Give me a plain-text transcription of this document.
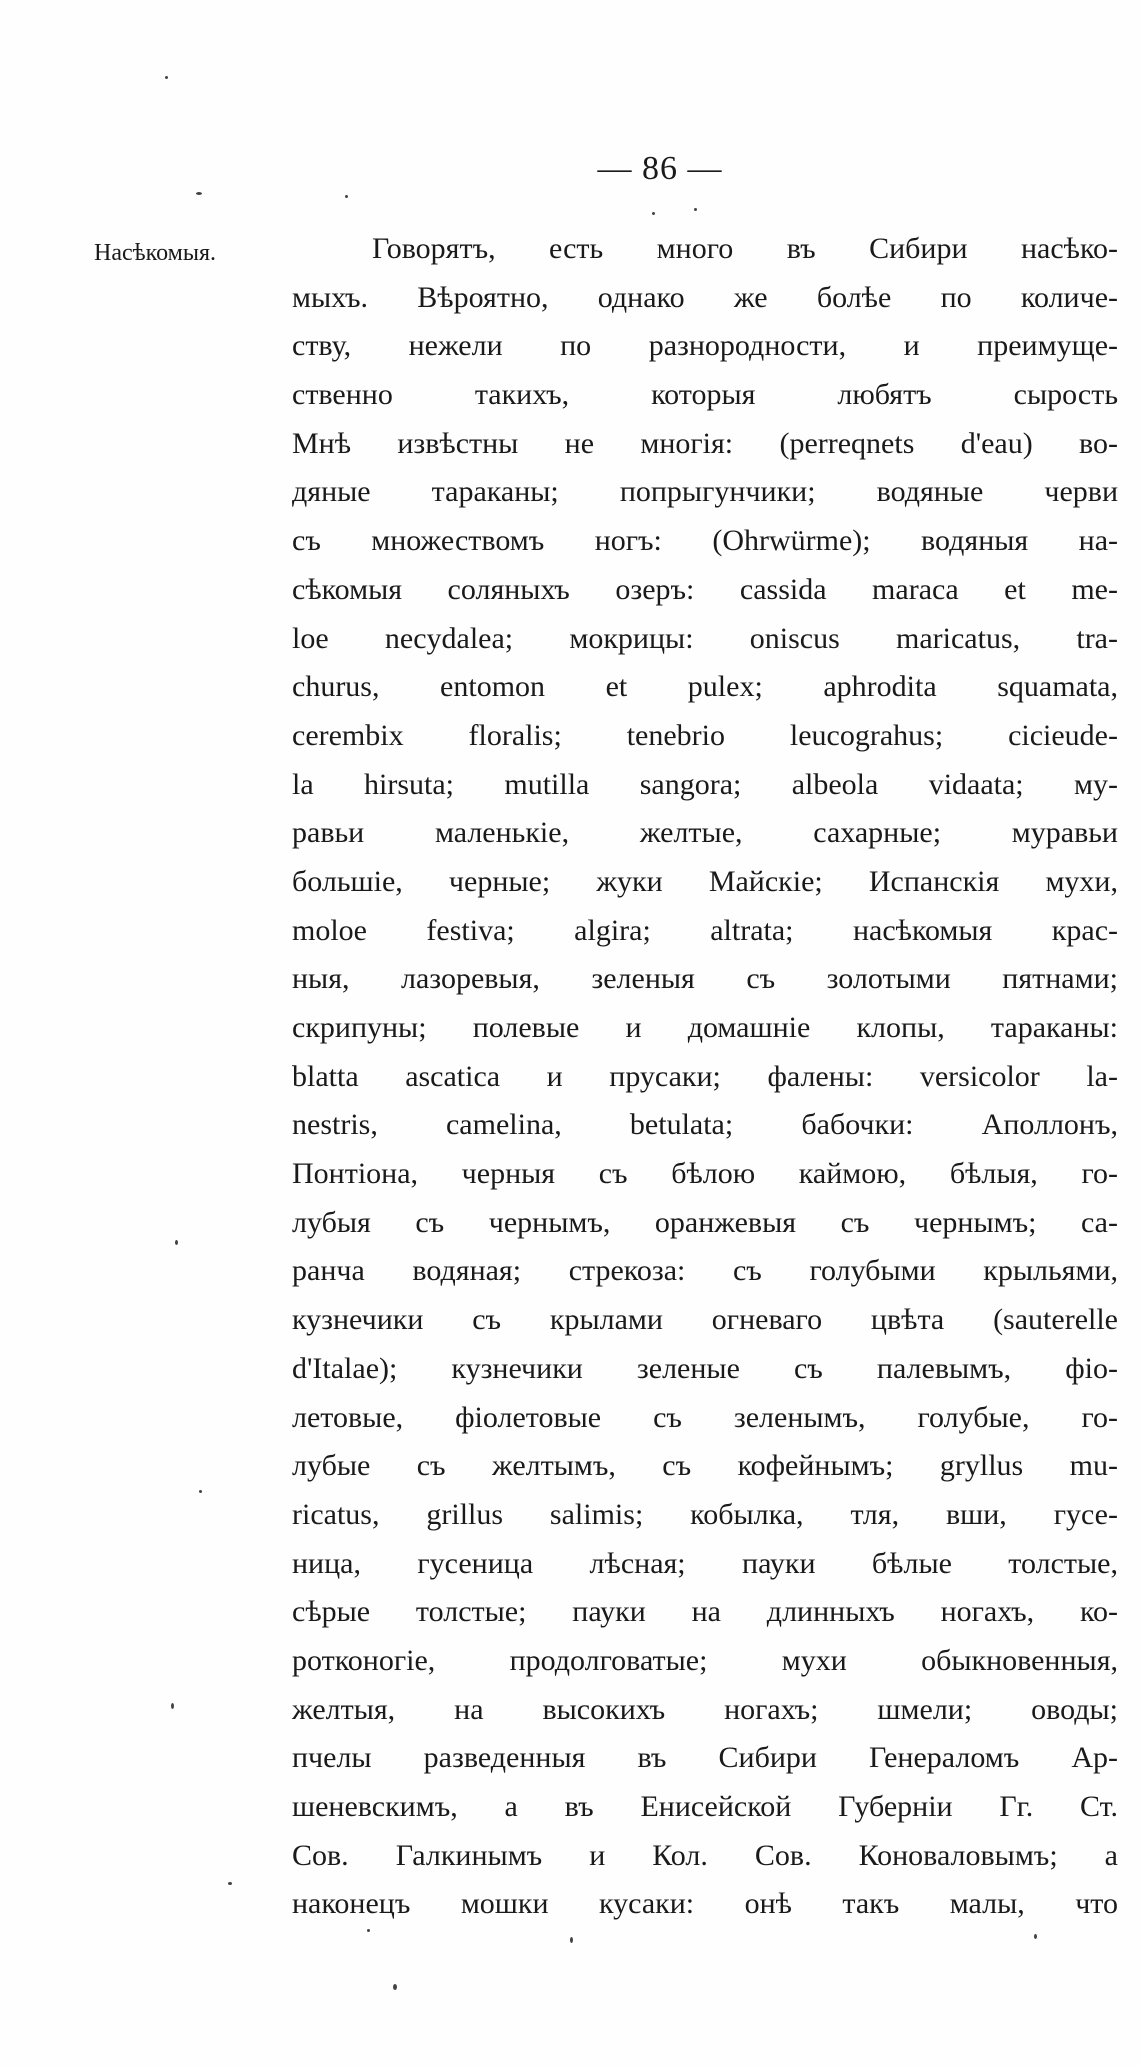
— 86 —
Насѣкомыя.	Говорятъ, есть много въ Сибири насѣко-
мыхъ. Вѣроятно, однако же болѣе по количе-
ству, нежели по разнородности, и преимуще-
ственно такихъ, которыя любятъ сырость
Мнѣ извѣстны не многія: (perreqnets d'eau) во-
дяные тараканы; попрыгунчики; водяные черви
съ множествомъ ногъ: (Ohrwürme); водяныя на-
сѣкомыя соляныхъ озеръ: cassida maraca et me-
loe necydalea; мокрицы: oniscus maricatus, tra-
churus, entomon et pulex; aphrodita squamata,
cerembix floralis; tenebrio leucograhus; cicieude-
la hirsuta; mutilla sangora; albeola vidaata; му-
равьи маленькіе, желтые, сахарные; муравьи
большіе, черные; жуки Майскіе; Испанскія мухи,
moloe festiva; algira; altrata; насѣкомыя крас-
ныя, лазоревыя, зеленыя съ золотыми пятнами;
скрипуны; полевые и домашніе клопы, тараканы:
blatta ascatica и прусаки; фалены: versicolor la-
nestris, camelina, betulata; бабочки: Аполлонъ,
Понтіона, черныя съ бѣлою каймою, бѣлыя, го-
лубыя съ чернымъ, оранжевыя съ чернымъ; са-
ранча водяная; стрекоза: съ голубыми крыльями,
кузнечики съ крылами огневаго цвѣта (sauterelle
d'Italae); кузнечики зеленые съ палевымъ, фіо-
летовые, фіолетовые съ зеленымъ, голубые, го-
лубые съ желтымъ, съ кофейнымъ; gryllus mu-
ricatus, grillus salimis; кобылка, тля, вши, гусе-
ница, гусеница лѣсная; пауки бѣлые толстые,
сѣрые толстые; пауки на длинныхъ ногахъ, ко-
ротконогіе, продолговатые; мухи обыкновенныя,
желтыя, на высокихъ ногахъ; шмели; оводы;
пчелы разведенныя въ Сибири Генераломъ Ар-
шеневскимъ, а въ Енисейской Губерніи Гг. Ст.
Сов. Галкинымъ и Кол. Сов. Коноваловымъ; а
наконецъ мошки кусаки: онѣ такъ малы, что
